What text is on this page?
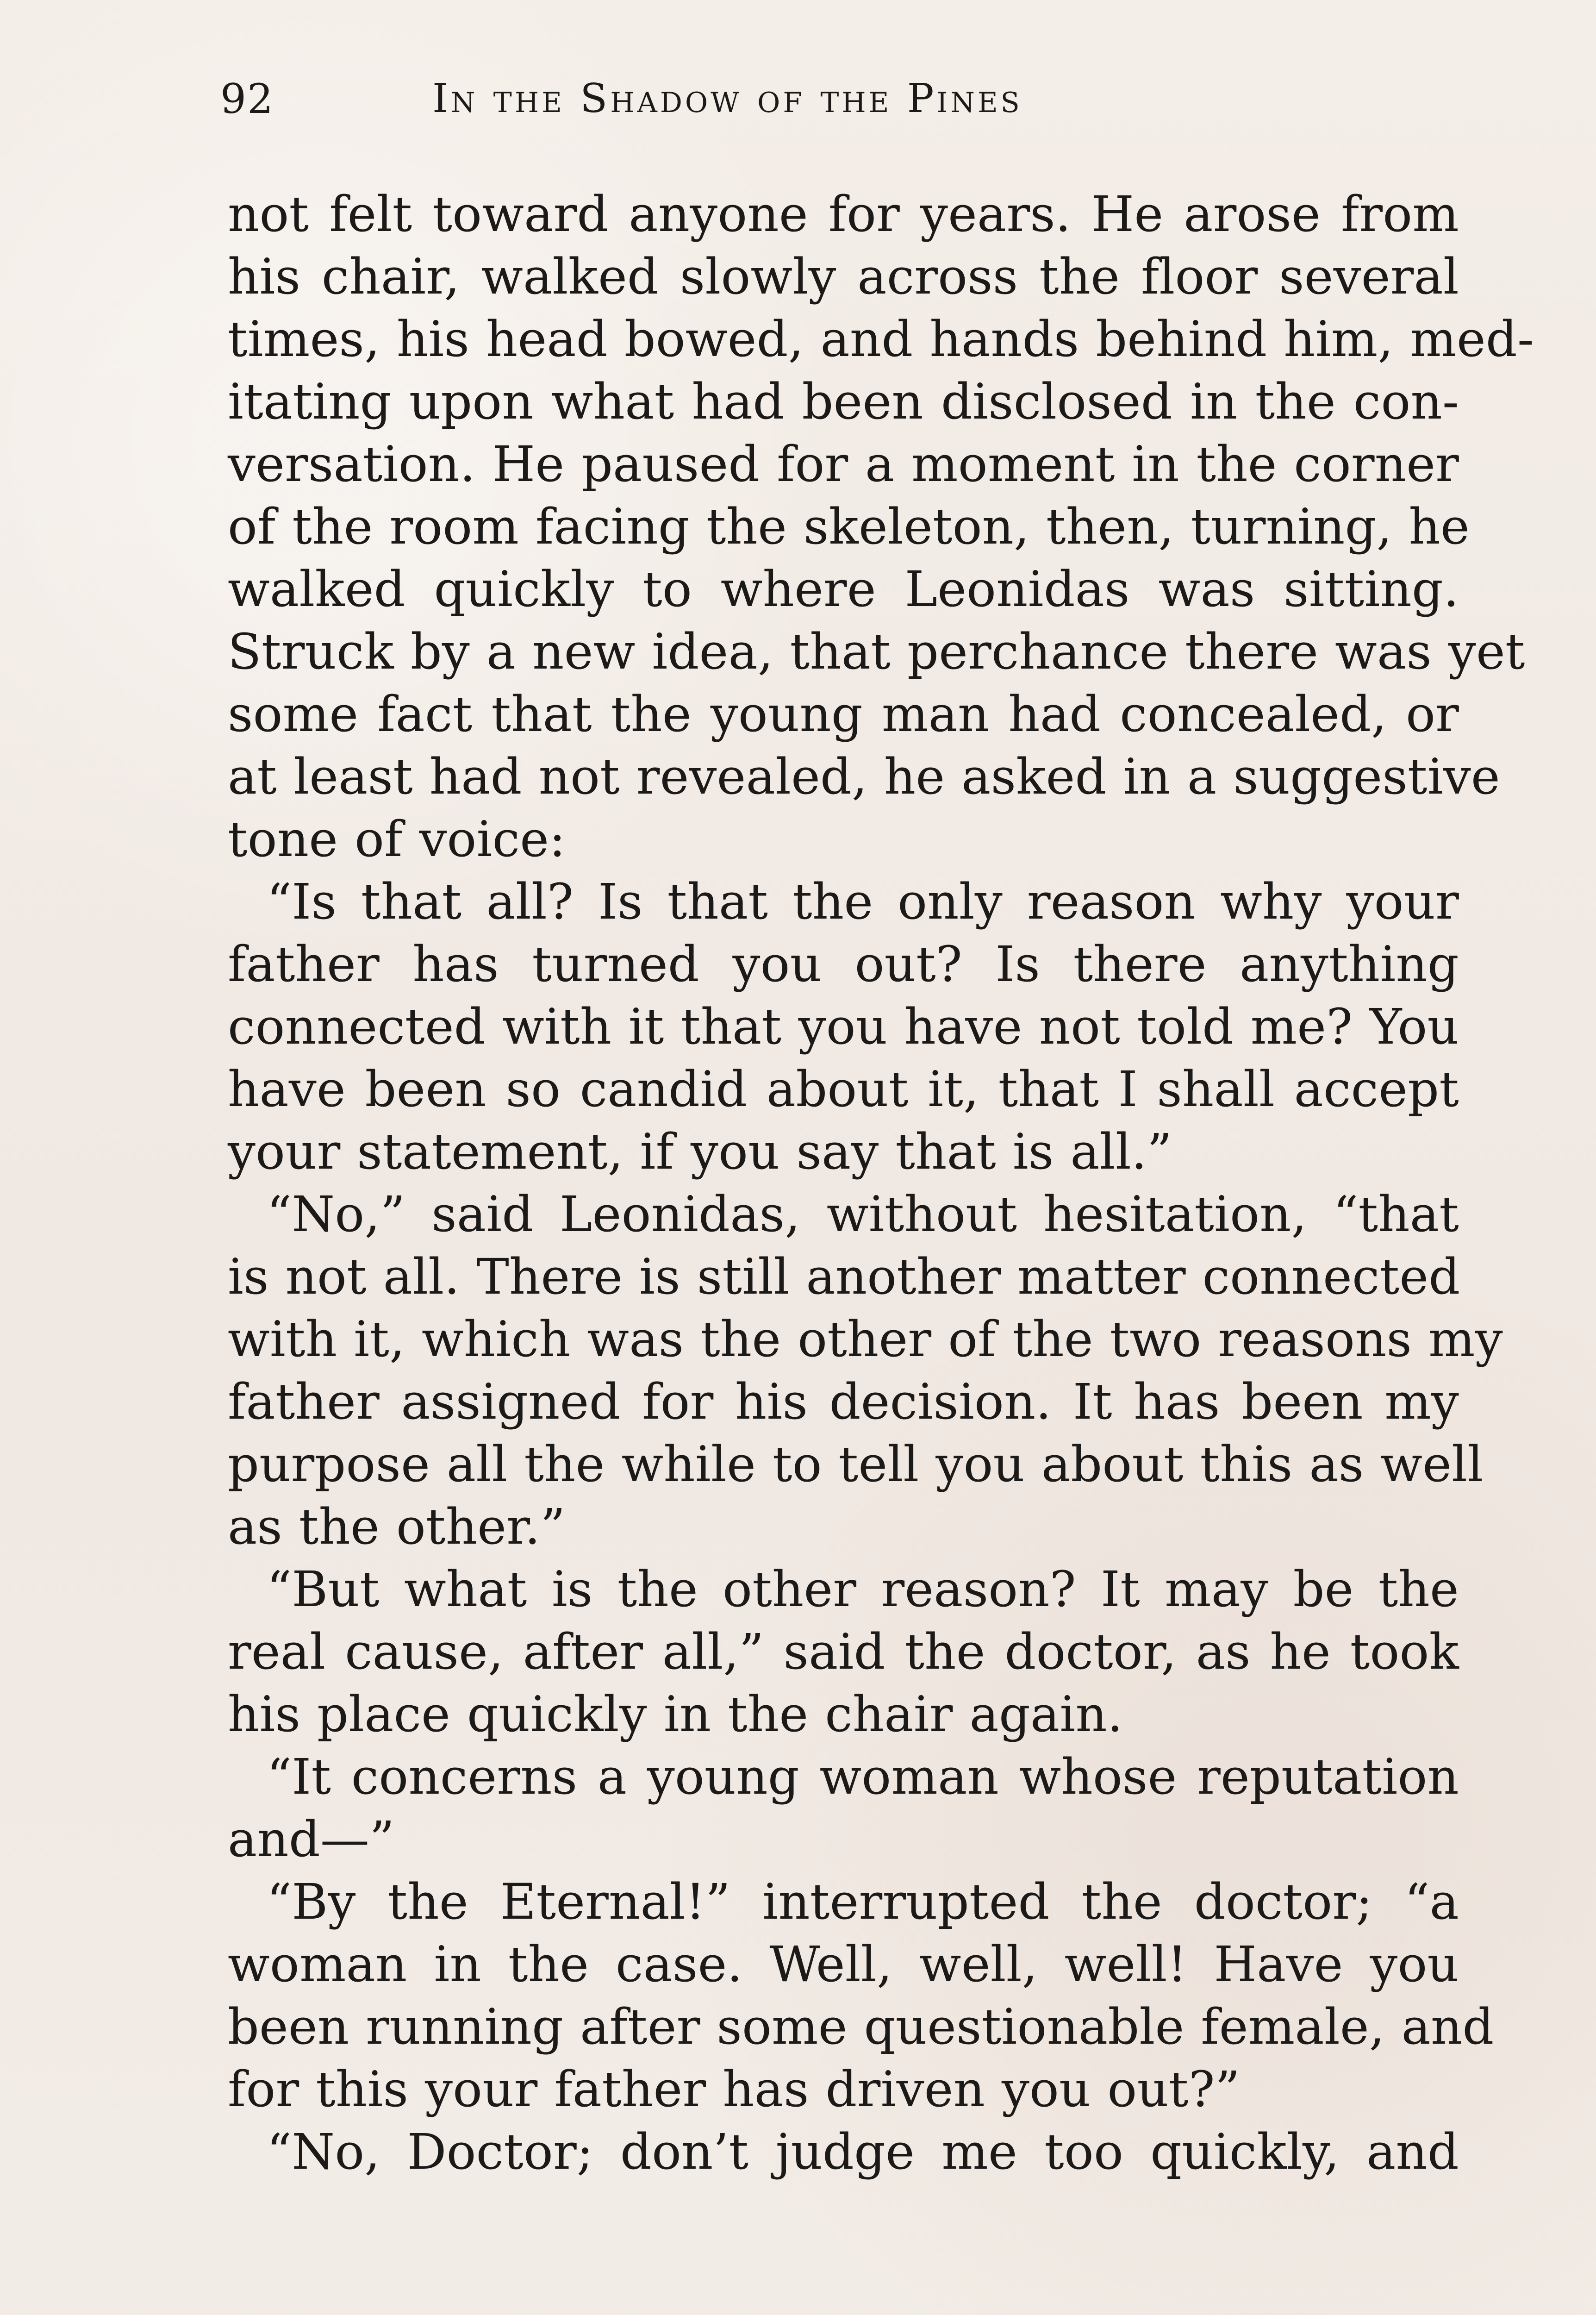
92	In the Shadow of the Pines
not felt toward anyone for years. He arose from
his chair, walked slowly across the floor several
times, his head bowed, and hands behind him, med-
itating upon what had been disclosed in the con-
versation. He paused for a moment in the corner
of the room facing the skeleton, then, turning, he
walked quickly to where Leonidas was sitting.
Struck by a new idea, that perchance there was yet
some fact that the young man had concealed, or
at least had not revealed, he asked in a suggestive
tone of voice:
“Is that all? Is that the only reason why your
father has turned you out? Is there anything
connected with it that you have not told me? You
have been so candid about it, that I shall accept
your statement, if you say that is all.”
“No,” said Leonidas, without hesitation, “that
is not all. There is still another matter connected
with it, which was the other of the two reasons my
father assigned for his decision. It has been my
purpose all the while to tell you about this as well
as the other.”
“But what is the other reason? It may be the
real cause, after all,” said the doctor, as he took
his place quickly in the chair again.
“It concerns a young woman whose reputation
and—”
“By the Eternal!” interrupted the doctor; “a
woman in the case. Well, well, well! Have you
been running after some questionable female, and
for this your father has driven you out?”
“No, Doctor; don’t judge me too quickly, and
